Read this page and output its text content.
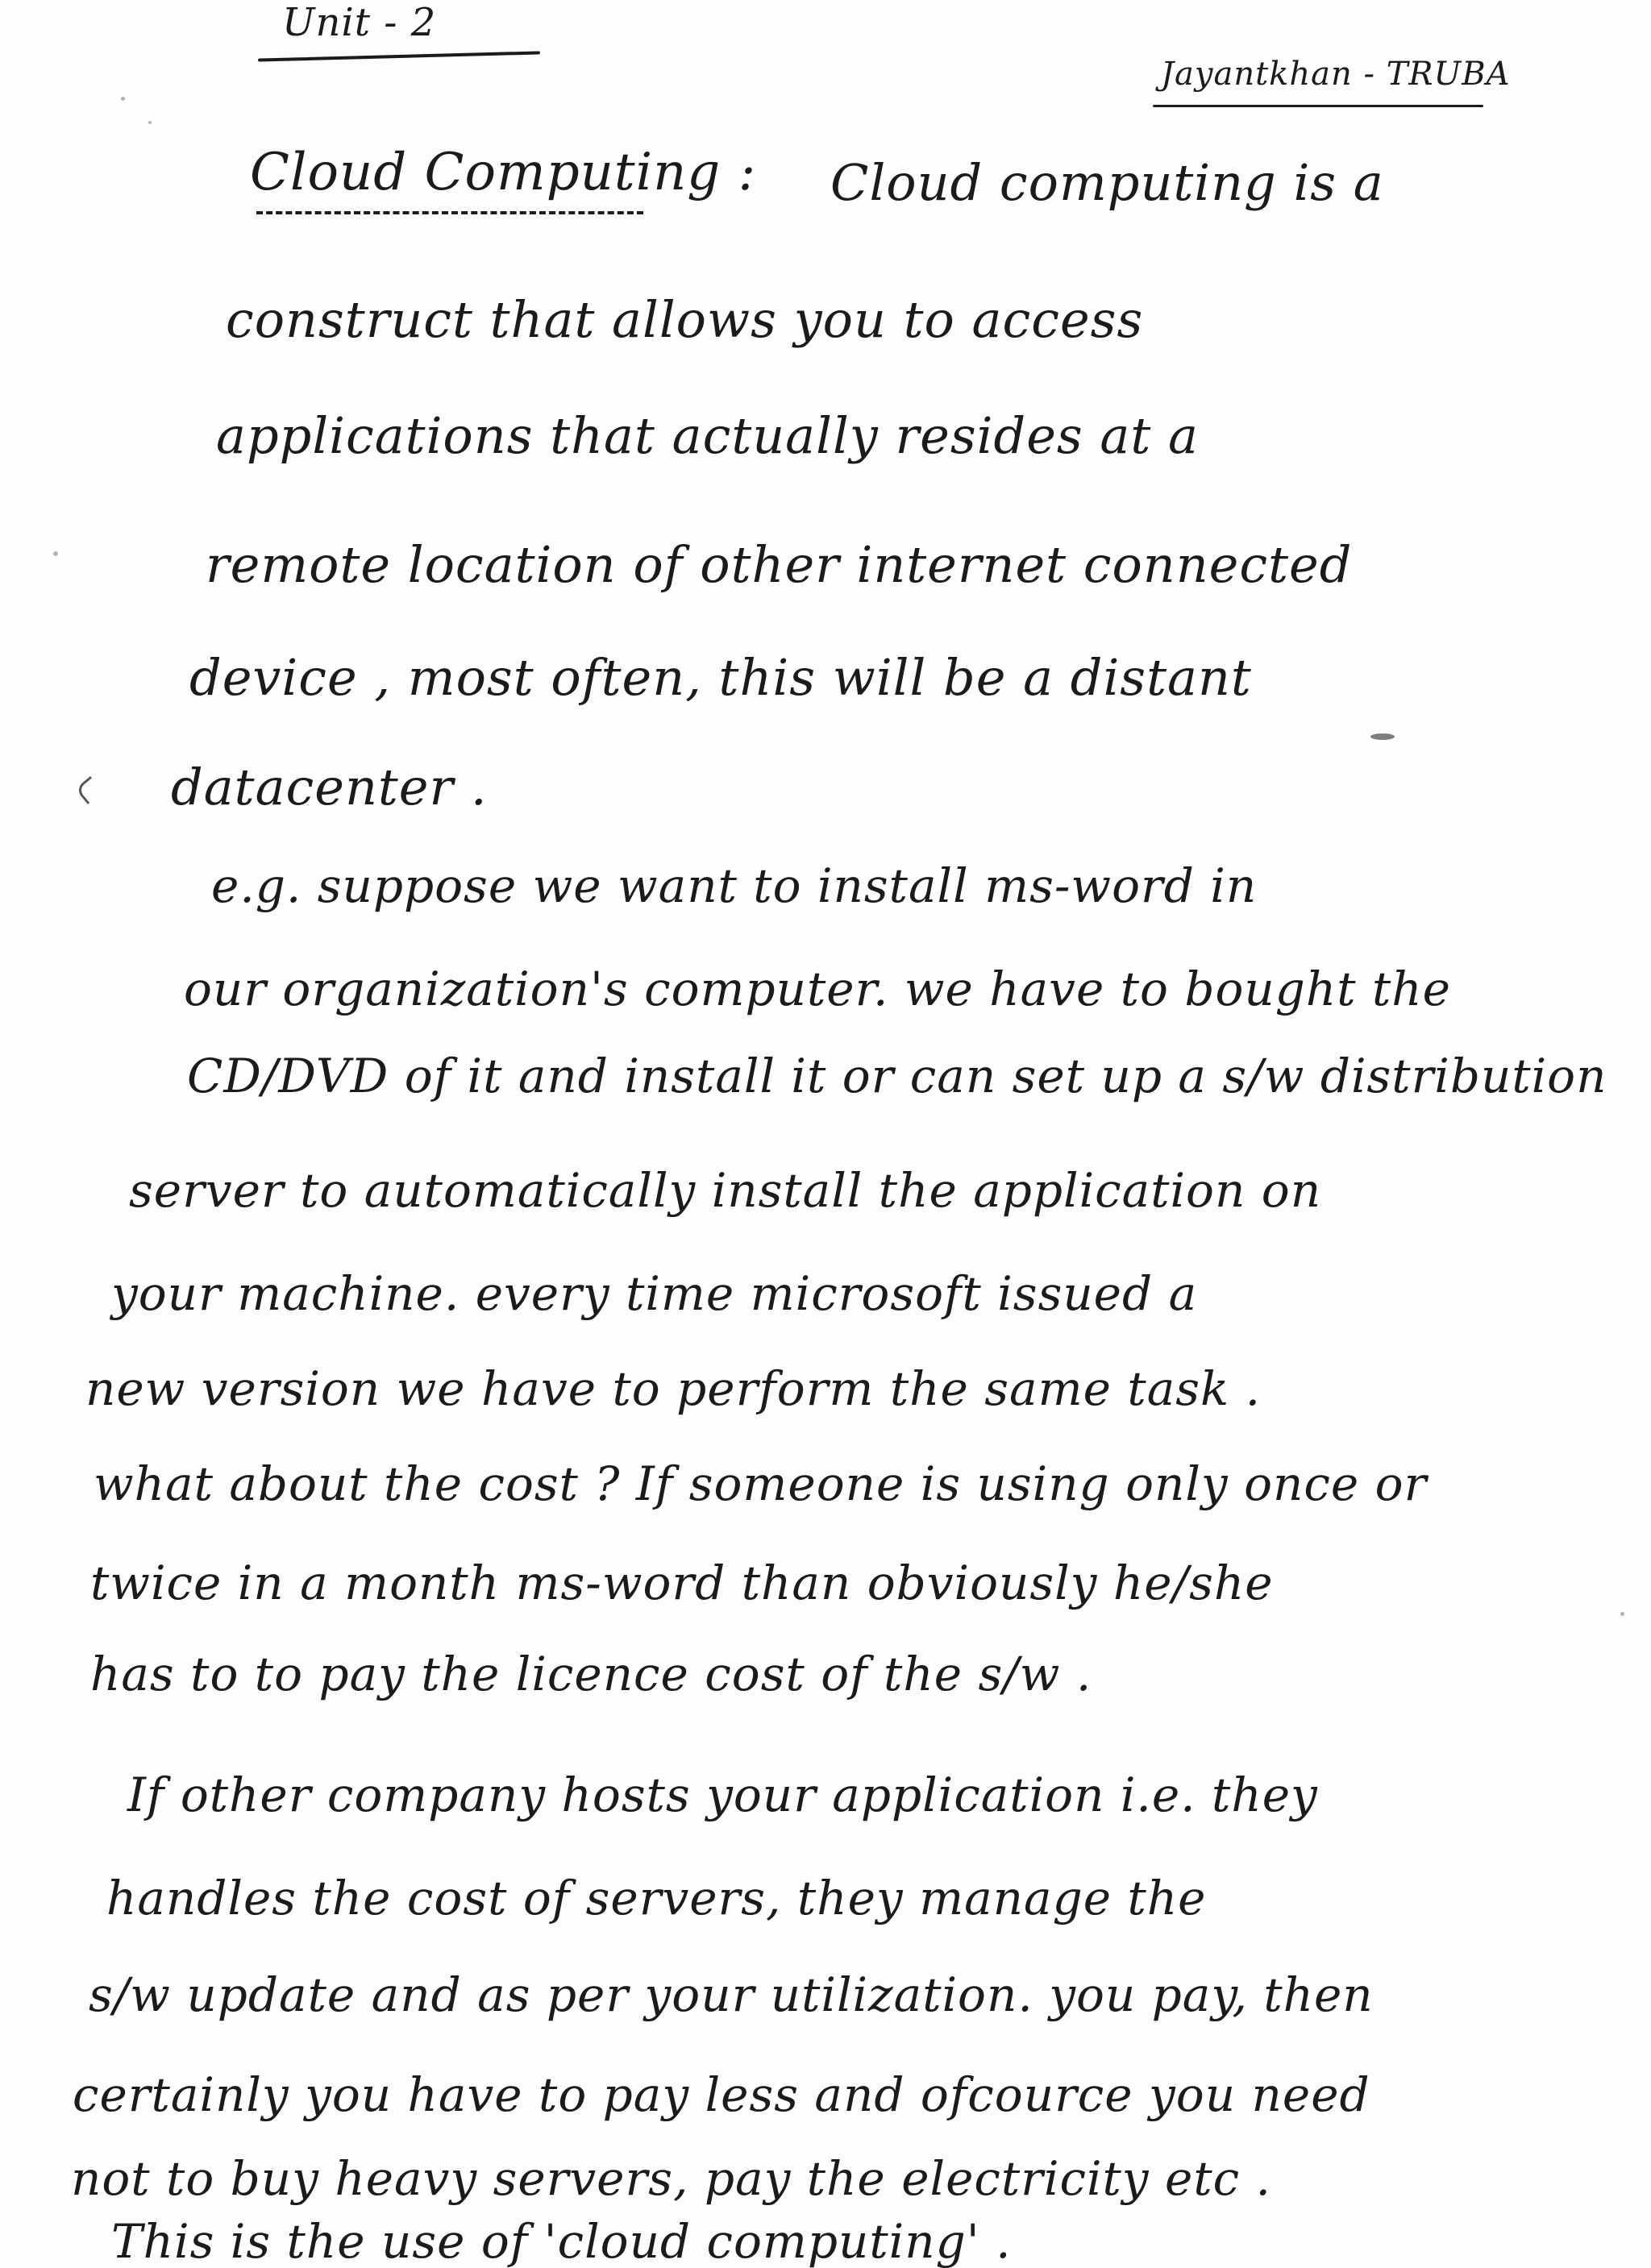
Unit - 2
Jayantkhan - TRUBA
Cloud Computing : Cloud computing is a
construct that allows you to access
applications that actually resides at a
remote location of other internet connected
device , most often, this will be a distant
datacenter .
e.g. suppose we want to install ms-word in
our organization's computer. we have to bought the
CD/DVD of it and install it or can set up a s/w distribution
server to automatically install the application on
your machine. every time microsoft issued a
new version we have to perform the same task .
what about the cost ? If someone is using only once or
twice in a month ms-word than obviously he/she
has to to pay the licence cost of the s/w .
If other company hosts your application i.e. they
handles the cost of servers, they manage the
s/w update and as per your utilization. you pay, then
certainly you have to pay less and ofcource you need
not to buy heavy servers, pay the electricity etc .
This is the use of 'cloud computing' .
